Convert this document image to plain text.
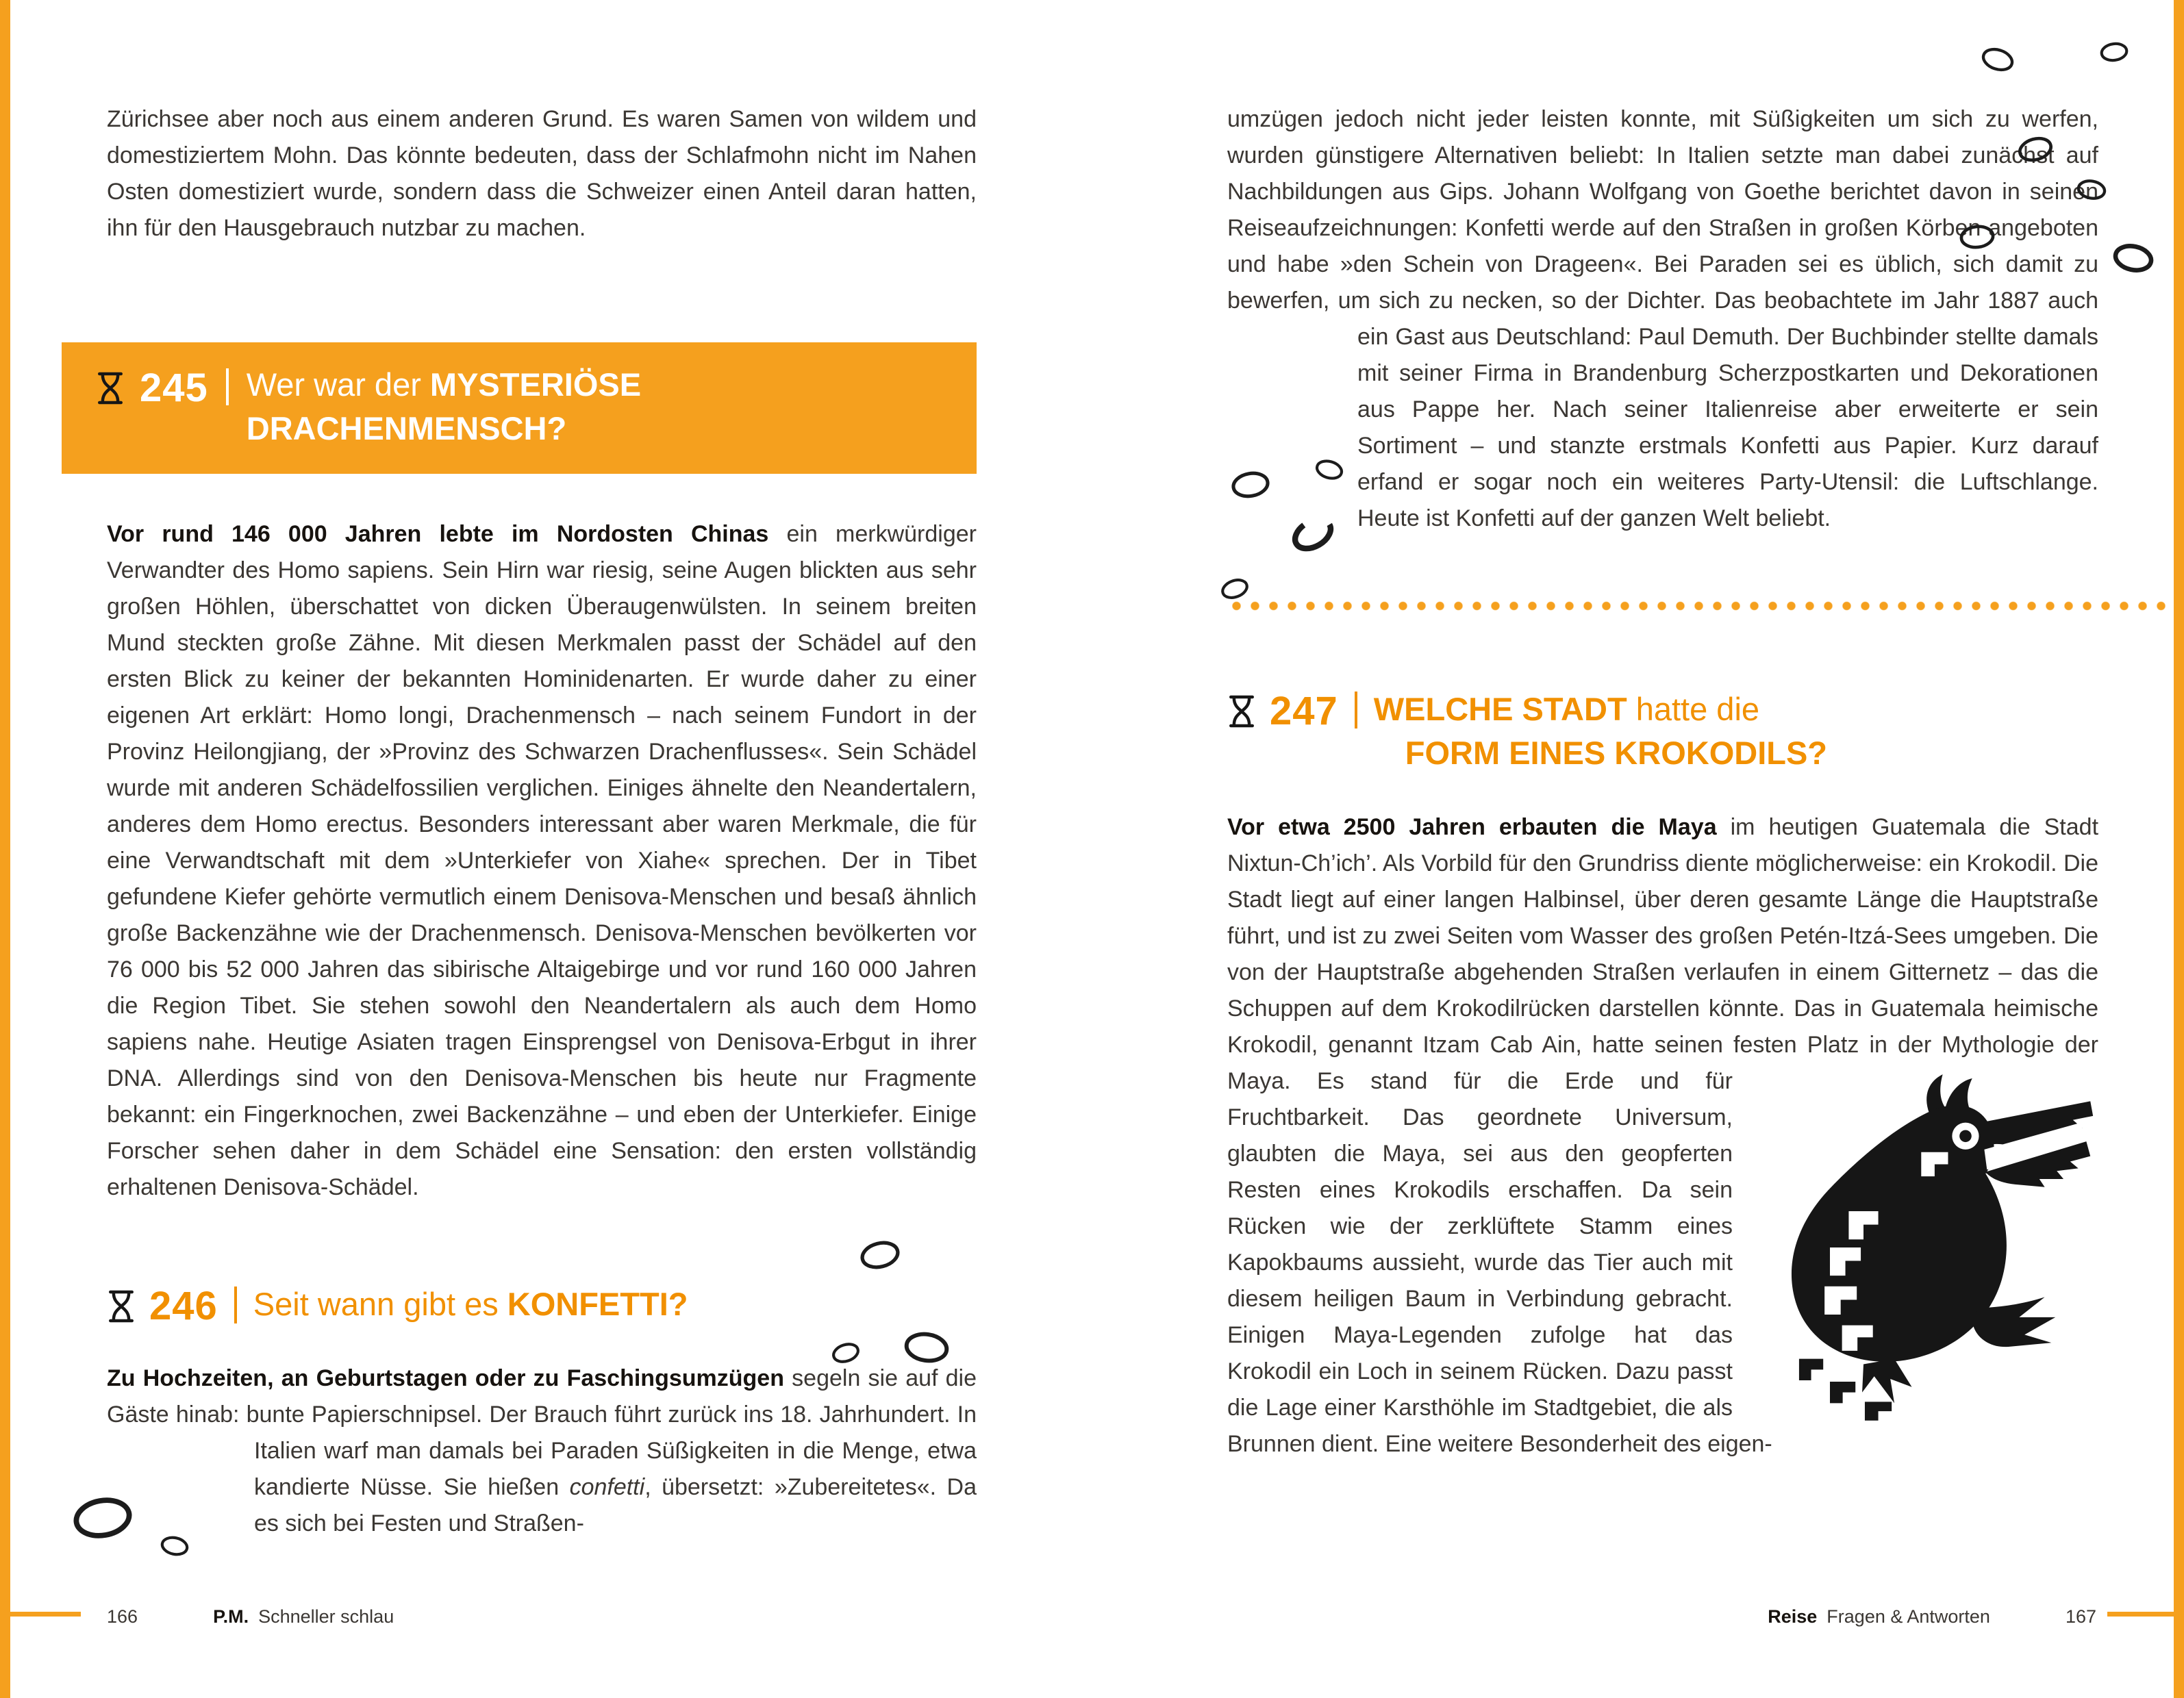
Zürichsee aber noch aus einem anderen Grund. Es waren Samen von wildem und domestiziertem Mohn. Das könnte bedeuten, dass der Schlafmohn nicht im Nahen Osten domestiziert wurde, sondern dass die Schweizer einen Anteil daran hatten, ihn für den Hausgebrauch nutzbar zu machen.

245 Wer war der MYSTERIÖSE
DRACHENMENSCH?

Vor rund 146 000 Jahren lebte im Nordosten Chinas ein merkwürdiger Verwandter des Homo sapiens. Sein Hirn war riesig, seine Augen blickten aus sehr großen Höhlen, überschattet von dicken Überaugenwülsten. In seinem breiten Mund steckten große Zähne. Mit diesen Merkmalen passt der Schädel auf den ersten Blick zu keiner der bekannten Hominidenarten. Er wurde daher zu einer eigenen Art erklärt: Homo longi, Drachenmensch – nach seinem Fundort in der Provinz Heilongjiang, der »Provinz des Schwarzen Drachenflusses«. Sein Schädel wurde mit anderen Schädelfossilien verglichen. Einiges ähnelte den Neandertalern, anderes dem Homo erectus. Besonders interessant aber waren Merkmale, die für eine Verwandtschaft mit dem »Unterkiefer von Xiahe« sprechen. Der in Tibet gefundene Kiefer gehörte vermutlich einem Denisova-Menschen und besaß ähnlich große Backenzähne wie der Drachenmensch. Denisova-Menschen bevölkerten vor 76 000 bis 52 000 Jahren das sibirische Altaigebirge und vor rund 160 000 Jahren die Region Tibet. Sie stehen sowohl den Neandertalern als auch dem Homo sapiens nahe. Heutige Asiaten tragen Einsprengsel von Denisova-Erbgut in ihrer DNA. Allerdings sind von den Denisova-Menschen bis heute nur Fragmente bekannt: ein Fingerknochen, zwei Backenzähne – und eben der Unterkiefer. Einige Forscher sehen daher in dem Schädel eine Sensation: den ersten vollständig erhaltenen Denisova-Schädel.

246 Seit wann gibt es KONFETTI?

Zu Hochzeiten, an Geburtstagen oder zu Faschingsumzügen segeln sie auf die Gäste hinab: bunte Papierschnipsel. Der Brauch führt zurück ins 18. Jahrhundert. In Italien warf man damals bei Paraden
Süßigkeiten in die Menge, etwa kandierte Nüsse. Sie hießen confetti, übersetzt: »Zubereitetes«. Da es sich bei Festen und Straßen-

umzügen jedoch nicht jeder leisten konnte, mit Süßigkeiten um sich zu werfen, wurden günstigere Alternativen beliebt: In Italien setzte man dabei zunächst auf Nachbildungen aus Gips. Johann Wolfgang von Goethe berichtet davon in seinen Reiseaufzeichnungen: Konfetti werde auf den Straßen in großen Körben angeboten und habe »den Schein von Drageen«. Bei Paraden sei es üblich, sich damit zu bewerfen, um sich zu necken, so der Dichter. Das beobachtete im Jahr 1887 auch ein Gast aus Deutschland: Paul Demuth. Der
Buchbinder stellte damals mit seiner Firma in Brandenburg Scherzpostkarten und Dekorationen aus Pappe her. Nach seiner Italienreise aber erweiterte er sein Sortiment – und stanzte erstmals Konfetti aus Papier. Kurz darauf erfand er sogar noch ein weiteres Party-Utensil: die Luftschlange. Heute ist Konfetti auf der ganzen Welt beliebt.

247 WELCHE STADT hatte die
FORM EINES KROKODILS?

Vor etwa 2500 Jahren erbauten die Maya im heutigen Guatemala die Stadt Nixtun-Ch’ich’. Als Vorbild für den Grundriss diente möglicherweise: ein Krokodil. Die Stadt liegt auf einer langen Halbinsel, über deren gesamte Länge die Hauptstraße führt, und ist zu zwei Seiten vom Wasser des großen Petén-Itzá-Sees umgeben. Die von der Hauptstraße abgehenden Straßen verlaufen in einem Gitternetz – das die Schuppen auf dem Krokodilrücken darstellen könnte. Das in Guatemala heimische Krokodil, genannt Itzam Cab Ain, hatte seinen festen Platz in der Mythologie der Maya. Es stand für die Erde und für
Fruchtbarkeit. Das geordnete Universum, glaubten die Maya, sei aus den geopferten Resten eines Krokodils erschaffen. Da sein Rücken wie der zerklüftete Stamm eines Kapokbaums aussieht, wurde das Tier auch mit diesem heiligen Baum in Verbindung gebracht. Einigen Maya-Legenden zufolge hat das Krokodil ein Loch in seinem Rücken. Dazu passt die Lage einer Karsthöhle im Stadtgebiet, die als Brunnen dient. Eine weitere Besonderheit des eigen-

166	P.M. Schneller schlau	Reise Fragen & Antworten	167
